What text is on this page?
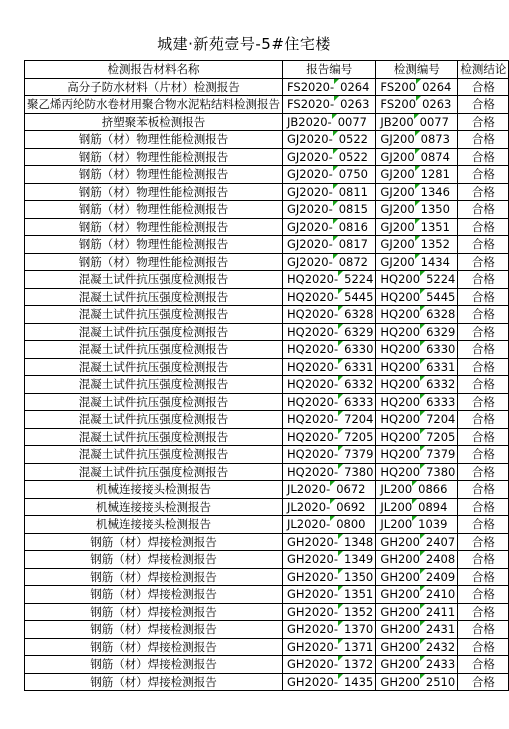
城建·新苑壹号-5#住宅楼
检测报告材料名称	报告编号	检测编号	检测结论
高分子防水材料（片材）检测报告	FS2020- 0264	FS200 0264	合格
聚乙烯丙纶防水卷材用聚合物水泥粘结料检测报告	FS2020- 0263	FS200 0263	合格
挤塑聚苯板检测报告	JB2020- 0077	JB200 0077	合格
钢筋（材）物理性能检测报告	GJ2020- 0522	GJ200 0873	合格
钢筋（材）物理性能检测报告	GJ2020- 0522	GJ200 0874	合格
钢筋（材）物理性能检测报告	GJ2020- 0750	GJ200 1281	合格
钢筋（材）物理性能检测报告	GJ2020- 0811	GJ200 1346	合格
钢筋（材）物理性能检测报告	GJ2020- 0815	GJ200 1350	合格
钢筋（材）物理性能检测报告	GJ2020- 0816	GJ200 1351	合格
钢筋（材）物理性能检测报告	GJ2020- 0817	GJ200 1352	合格
钢筋（材）物理性能检测报告	GJ2020- 0872	GJ200 1434	合格
混凝土试件抗压强度检测报告	HQ2020- 5224	HQ200 5224	合格
混凝土试件抗压强度检测报告	HQ2020- 5445	HQ200 5445	合格
混凝土试件抗压强度检测报告	HQ2020- 6328	HQ200 6328	合格
混凝土试件抗压强度检测报告	HQ2020- 6329	HQ200 6329	合格
混凝土试件抗压强度检测报告	HQ2020- 6330	HQ200 6330	合格
混凝土试件抗压强度检测报告	HQ2020- 6331	HQ200 6331	合格
混凝土试件抗压强度检测报告	HQ2020- 6332	HQ200 6332	合格
混凝土试件抗压强度检测报告	HQ2020- 6333	HQ200 6333	合格
混凝土试件抗压强度检测报告	HQ2020- 7204	HQ200 7204	合格
混凝土试件抗压强度检测报告	HQ2020- 7205	HQ200 7205	合格
混凝土试件抗压强度检测报告	HQ2020- 7379	HQ200 7379	合格
混凝土试件抗压强度检测报告	HQ2020- 7380	HQ200 7380	合格
机械连接接头检测报告	JL2020- 0672	JL200 0866	合格
机械连接接头检测报告	JL2020- 0692	JL200 0894	合格
机械连接接头检测报告	JL2020- 0800	JL200 1039	合格
钢筋（材）焊接检测报告	GH2020- 1348	GH200 2407	合格
钢筋（材）焊接检测报告	GH2020- 1349	GH200 2408	合格
钢筋（材）焊接检测报告	GH2020- 1350	GH200 2409	合格
钢筋（材）焊接检测报告	GH2020- 1351	GH200 2410	合格
钢筋（材）焊接检测报告	GH2020- 1352	GH200 2411	合格
钢筋（材）焊接检测报告	GH2020- 1370	GH200 2431	合格
钢筋（材）焊接检测报告	GH2020- 1371	GH200 2432	合格
钢筋（材）焊接检测报告	GH2020- 1372	GH200 2433	合格
钢筋（材）焊接检测报告	GH2020- 1435	GH200 2510	合格
